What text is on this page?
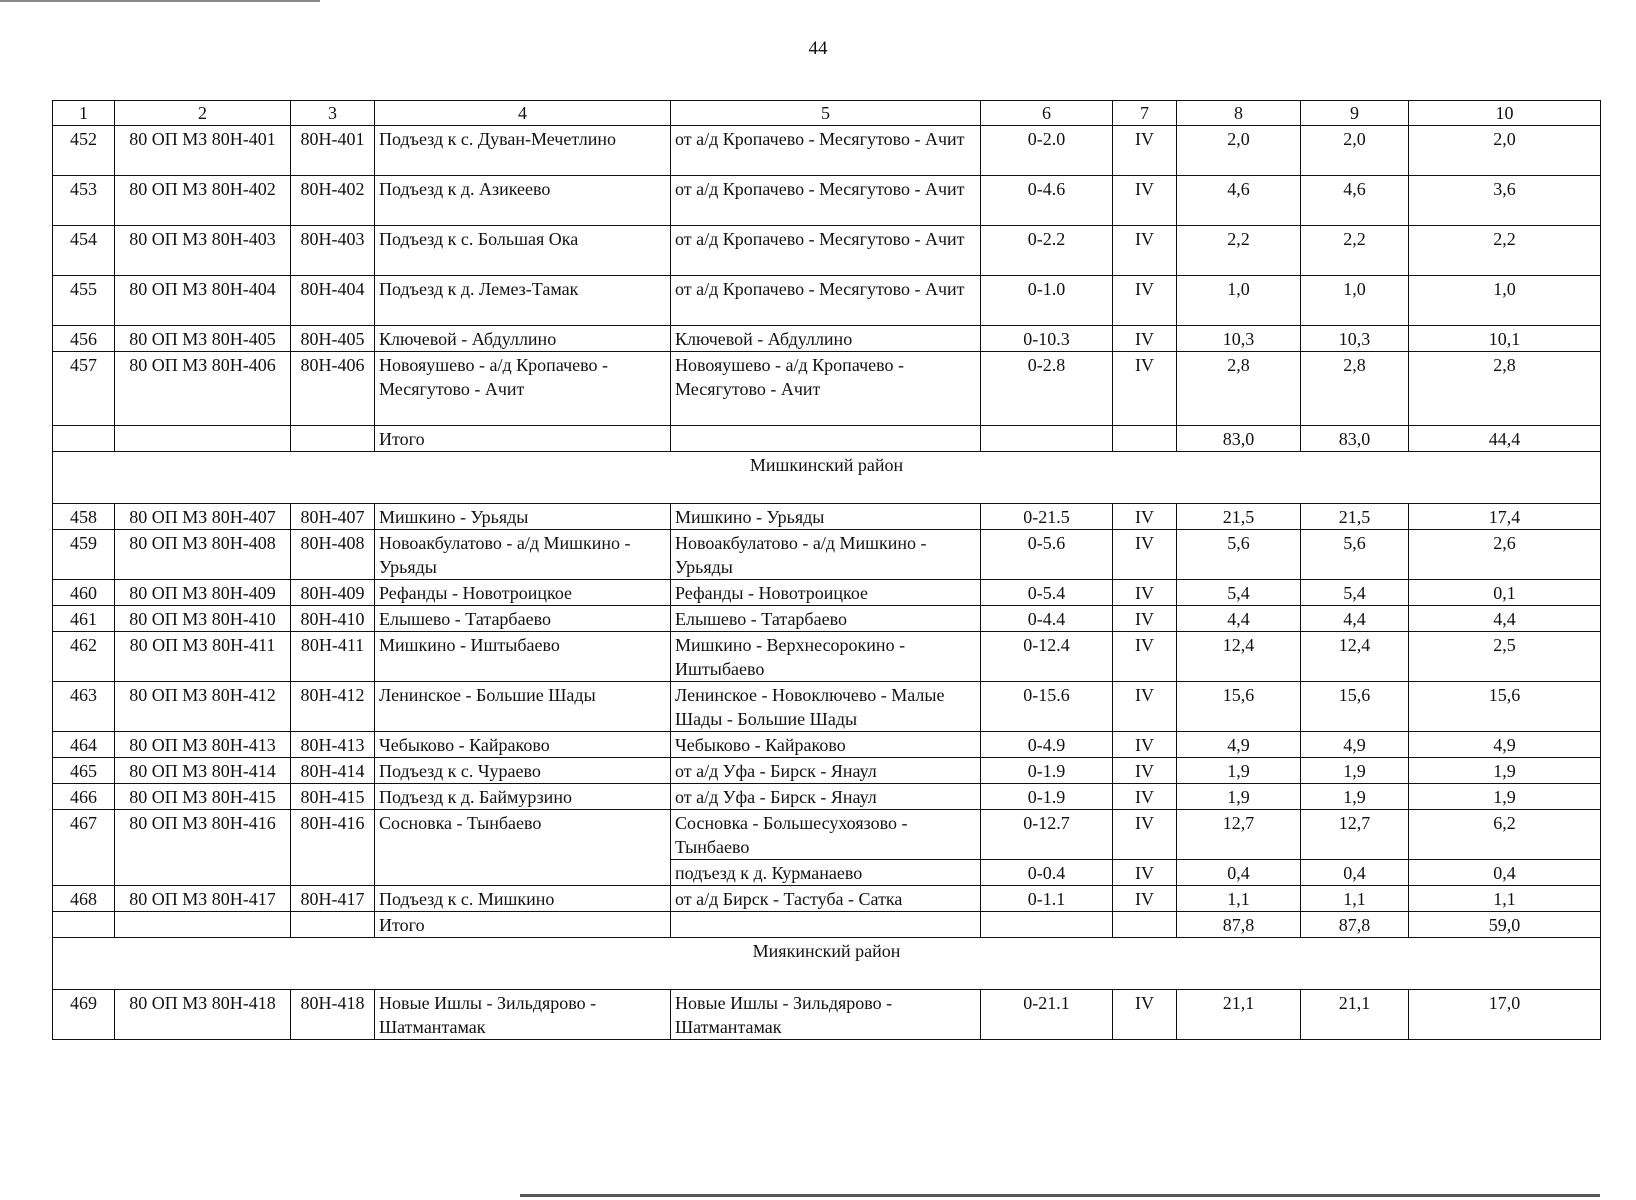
44
1	2	3	4	5	6	7	8	9	10
452	80 ОП МЗ 80Н-401	80Н-401	Подъезд к с. Дуван-Мечетлино	от а/д Кропачево - Месягутово - Ачит	0-2.0	IV	2,0	2,0	2,0
453	80 ОП МЗ 80Н-402	80Н-402	Подъезд к д. Азикеево	от а/д Кропачево - Месягутово - Ачит	0-4.6	IV	4,6	4,6	3,6
454	80 ОП МЗ 80Н-403	80Н-403	Подъезд к с. Большая Ока	от а/д Кропачево - Месягутово - Ачит	0-2.2	IV	2,2	2,2	2,2
455	80 ОП МЗ 80Н-404	80Н-404	Подъезд к д. Лемез-Тамак	от а/д Кропачево - Месягутово - Ачит	0-1.0	IV	1,0	1,0	1,0
456	80 ОП МЗ 80Н-405	80Н-405	Ключевой - Абдуллино	Ключевой - Абдуллино	0-10.3	IV	10,3	10,3	10,1
457	80 ОП МЗ 80Н-406	80Н-406	Новояушево - а/д Кропачево - Месягутово - Ачит	Новояушево - а/д Кропачево - Месягутово - Ачит	0-2.8	IV	2,8	2,8	2,8
			Итого				83,0	83,0	44,4
Мишкинский район									
458	80 ОП МЗ 80Н-407	80Н-407	Мишкино - Урьяды	Мишкино - Урьяды	0-21.5	IV	21,5	21,5	17,4
459	80 ОП МЗ 80Н-408	80Н-408	Новоакбулатово - а/д Мишкино - Урьяды	Новоакбулатово - а/д Мишкино - Урьяды	0-5.6	IV	5,6	5,6	2,6
460	80 ОП МЗ 80Н-409	80Н-409	Рефанды - Новотроицкое	Рефанды - Новотроицкое	0-5.4	IV	5,4	5,4	0,1
461	80 ОП МЗ 80Н-410	80Н-410	Елышево - Татарбаево	Елышево - Татарбаево	0-4.4	IV	4,4	4,4	4,4
462	80 ОП МЗ 80Н-411	80Н-411	Мишкино - Иштыбаево	Мишкино - Верхнесорокино - Иштыбаево	0-12.4	IV	12,4	12,4	2,5
463	80 ОП МЗ 80Н-412	80Н-412	Ленинское - Большие Шады	Ленинское - Новоключево - Малые Шады - Большие Шады	0-15.6	IV	15,6	15,6	15,6
464	80 ОП МЗ 80Н-413	80Н-413	Чебыково - Кайраково	Чебыково - Кайраково	0-4.9	IV	4,9	4,9	4,9
465	80 ОП МЗ 80Н-414	80Н-414	Подъезд к с. Чураево	от а/д Уфа - Бирск - Янаул	0-1.9	IV	1,9	1,9	1,9
466	80 ОП МЗ 80Н-415	80Н-415	Подъезд к д. Баймурзино	от а/д Уфа - Бирск - Янаул	0-1.9	IV	1,9	1,9	1,9
467	80 ОП МЗ 80Н-416	80Н-416	Сосновка - Тынбаево	Сосновка - Большесухоязово - Тынбаево	0-12.7	IV	12,7	12,7	6,2
				подъезд к д. Курманаево	0-0.4	IV	0,4	0,4	0,4
468	80 ОП МЗ 80Н-417	80Н-417	Подъезд к с. Мишкино	от а/д Бирск - Тастуба - Сатка	0-1.1	IV	1,1	1,1	1,1
			Итого				87,8	87,8	59,0
Миякинский район									
469	80 ОП МЗ 80Н-418	80Н-418	Новые Ишлы - Зильдярово - Шатмантамак	Новые Ишлы - Зильдярово - Шатмантамак	0-21.1	IV	21,1	21,1	17,0
